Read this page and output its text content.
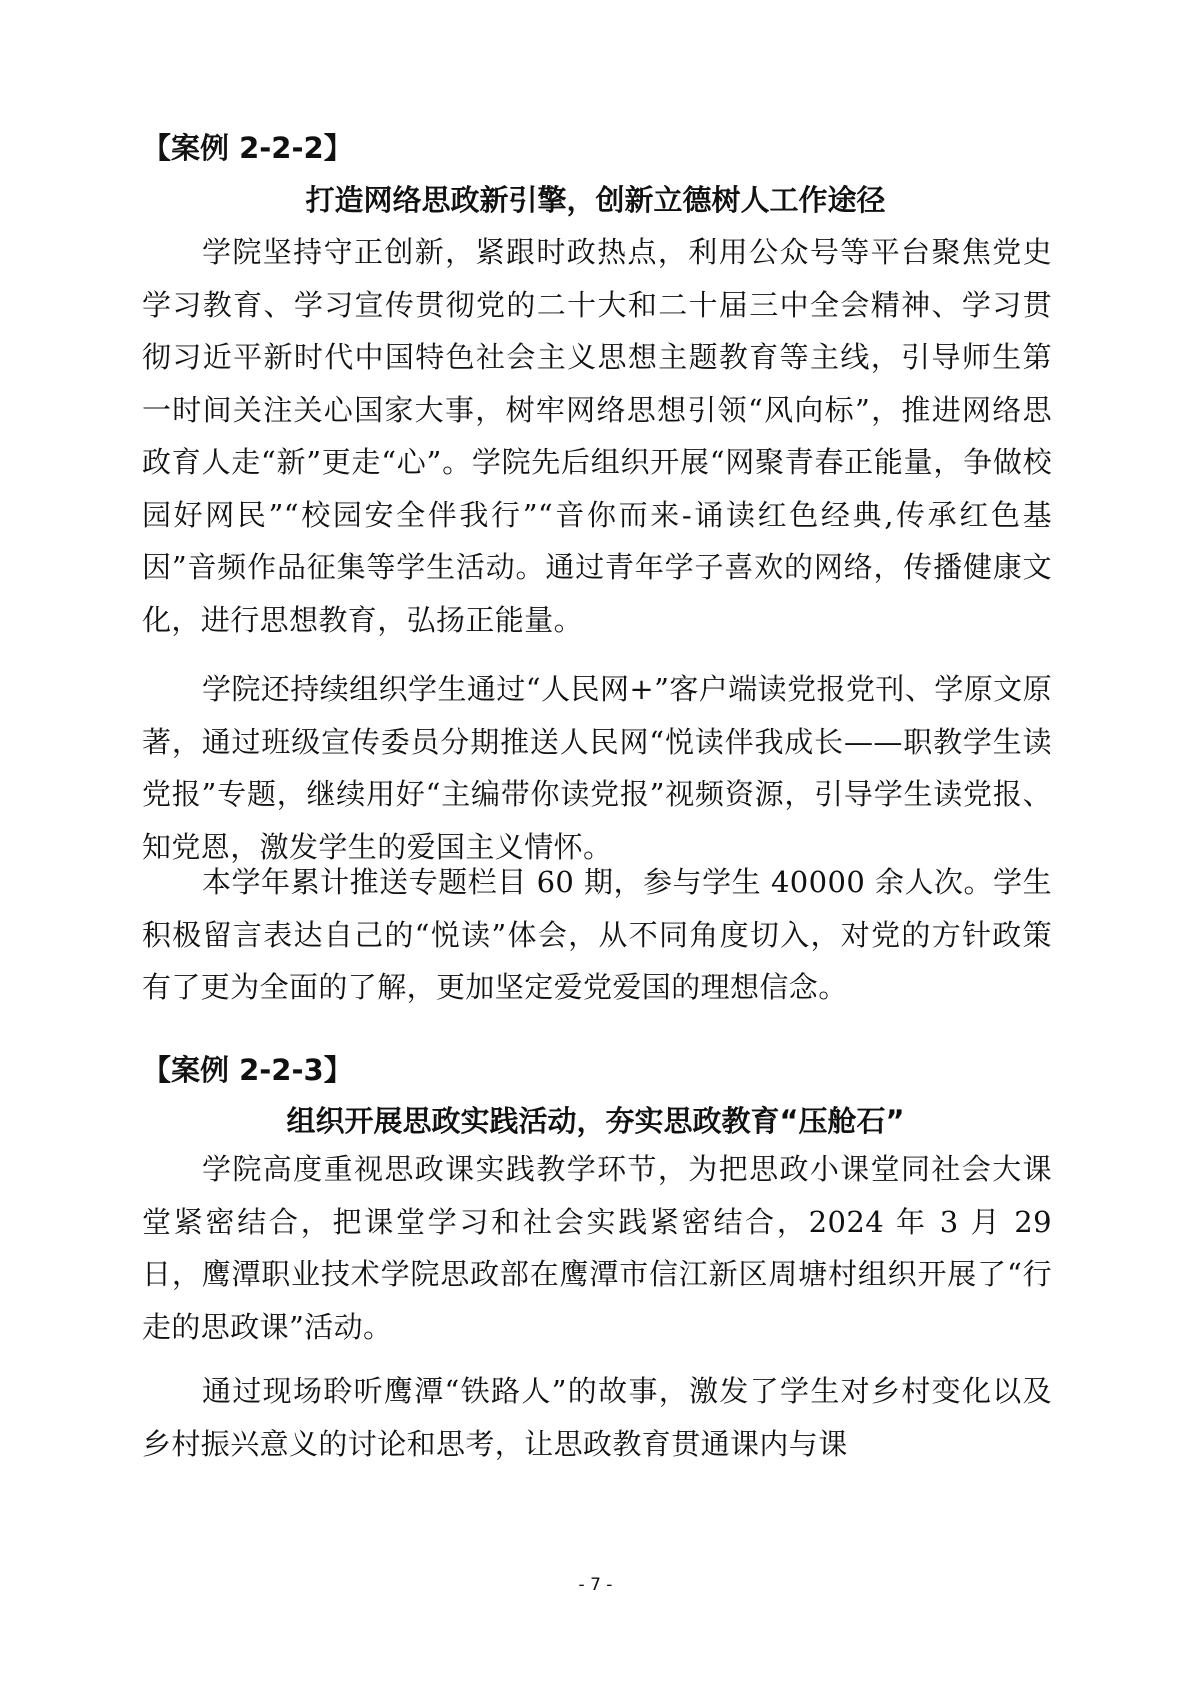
【案例 2-2-2】
打造网络思政新引擎，创新立德树人工作途径

学院坚持守正创新，紧跟时政热点，利用公众号等平台聚焦党史学习教育、学习宣传贯彻党的二十大和二十届三中全会精神、学习贯彻习近平新时代中国特色社会主义思想主题教育等主线，引导师生第一时间关注关心国家大事，树牢网络思想引领“风向标”，推进网络思政育人走“新”更走“心”。学院先后组织开展“网聚青春正能量，争做校园好网民”“校园安全伴我行”“音你而来-诵读红色经典,传承红色基因”音频作品征集等学生活动。通过青年学子喜欢的网络，传播健康文化，进行思想教育，弘扬正能量。

学院还持续组织学生通过“人民网+”客户端读党报党刊、学原文原著，通过班级宣传委员分期推送人民网“悦读伴我成长——职教学生读党报”专题，继续用好“主编带你读党报”视频资源，引导学生读党报、知党恩，激发学生的爱国主义情怀。

本学年累计推送专题栏目 60 期，参与学生 40000 余人次。学生积极留言表达自己的“悦读”体会，从不同角度切入，对党的方针政策有了更为全面的了解，更加坚定爱党爱国的理想信念。

【案例 2-2-3】
组织开展思政实践活动，夯实思政教育“压舱石”

学院高度重视思政课实践教学环节，为把思政小课堂同社会大课堂紧密结合，把课堂学习和社会实践紧密结合，2024 年 3 月 29 日，鹰潭职业技术学院思政部在鹰潭市信江新区周塘村组织开展了“行走的思政课”活动。

通过现场聆听鹰潭“铁路人”的故事，激发了学生对乡村变化以及乡村振兴意义的讨论和思考，让思政教育贯通课内与课

- 7 -
